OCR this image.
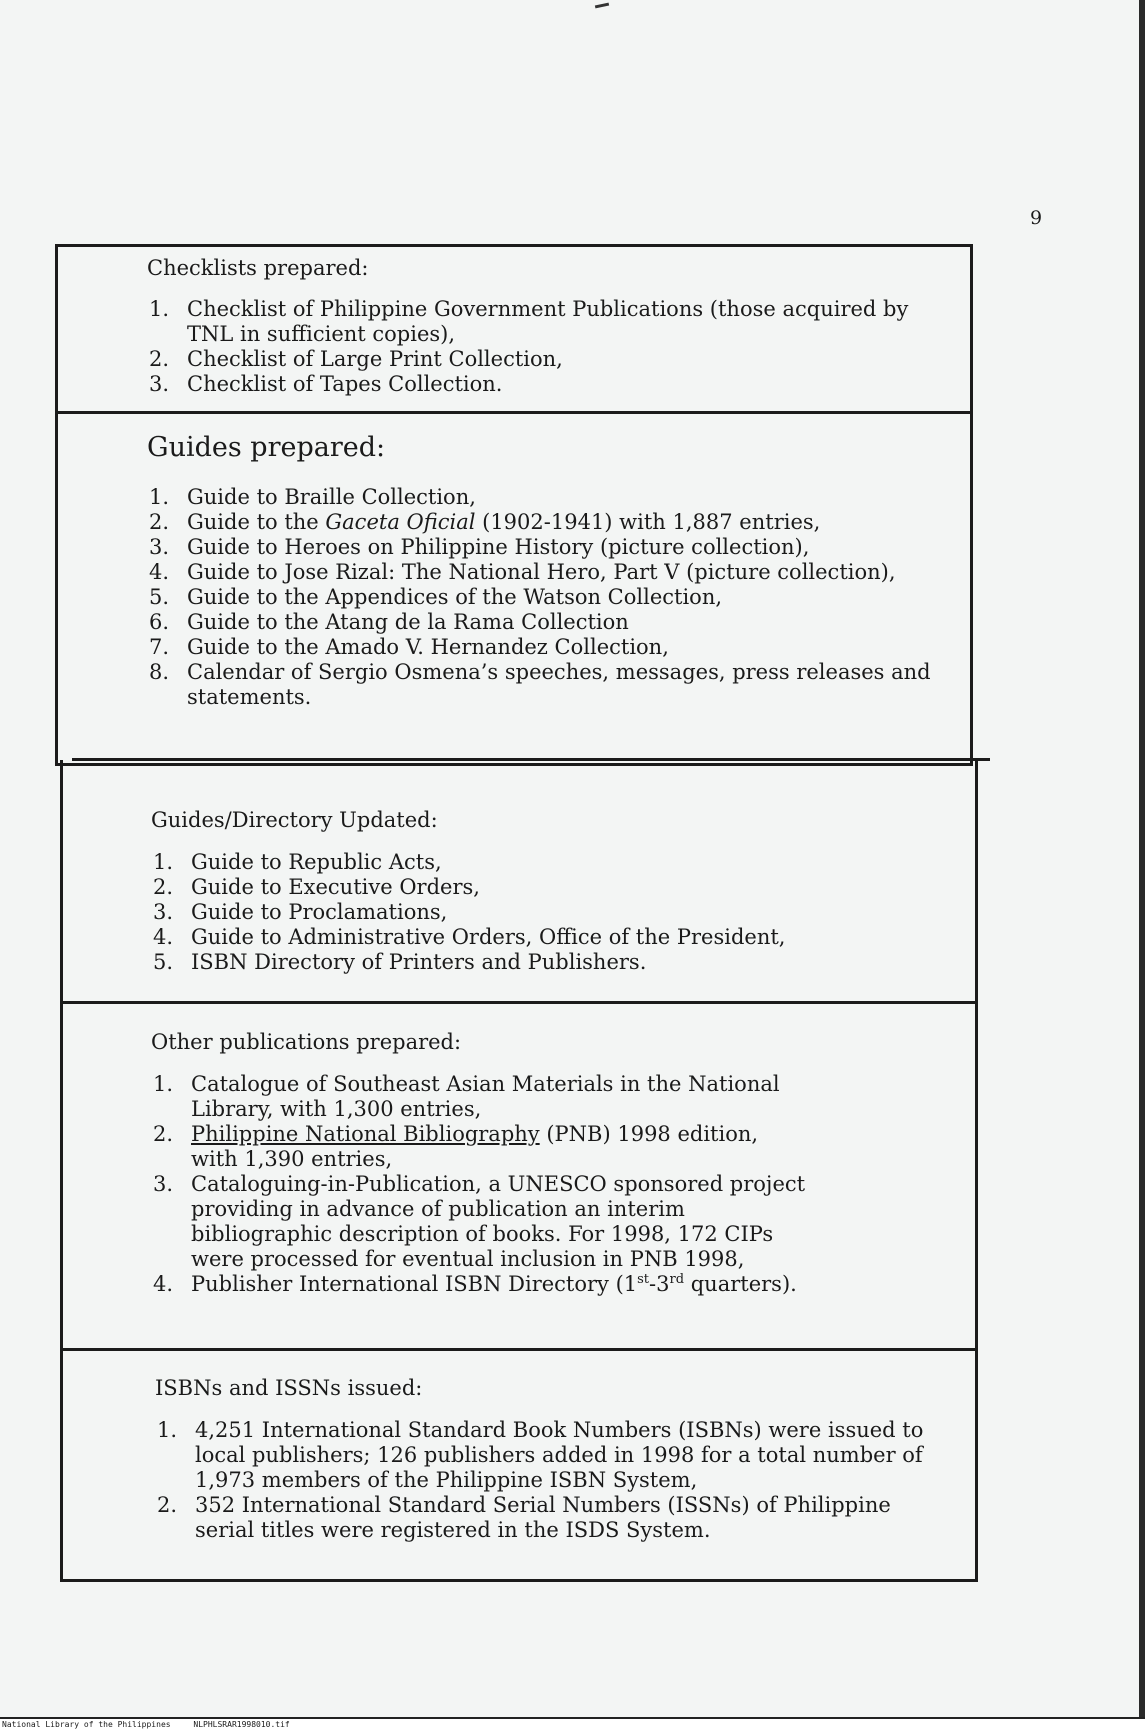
9

Checklists prepared:

1. Checklist of Philippine Government Publications (those acquired by TNL in sufficient copies),
2. Checklist of Large Print Collection,
3. Checklist of Tapes Collection.

Guides prepared:

1. Guide to Braille Collection,
2. Guide to the Gaceta Oficial (1902-1941) with 1,887 entries,
3. Guide to Heroes on Philippine History (picture collection),
4. Guide to Jose Rizal: The National Hero, Part V (picture collection),
5. Guide to the Appendices of the Watson Collection,
6. Guide to the Atang de la Rama Collection
7. Guide to the Amado V. Hernandez Collection,
8. Calendar of Sergio Osmena’s speeches, messages, press releases and statements.

Guides/Directory Updated:

1. Guide to Republic Acts,
2. Guide to Executive Orders,
3. Guide to Proclamations,
4. Guide to Administrative Orders, Office of the President,
5. ISBN Directory of Printers and Publishers.

Other publications prepared:

1. Catalogue of Southeast Asian Materials in the National Library, with 1,300 entries,
2. Philippine National Bibliography (PNB) 1998 edition, with 1,390 entries,
3. Cataloguing-in-Publication, a UNESCO sponsored project providing in advance of publication an interim bibliographic description of books. For 1998, 172 CIPs were processed for eventual inclusion in PNB 1998,
4. Publisher International ISBN Directory (1st-3rd quarters).

ISBNs and ISSNs issued:

1. 4,251 International Standard Book Numbers (ISBNs) were issued to local publishers; 126 publishers added in 1998 for a total number of 1,973 members of the Philippine ISBN System,
2. 352 International Standard Serial Numbers (ISSNs) of Philippine serial titles were registered in the ISDS System.
National Library of the Philippines	NLPHLSRAR1998010.tif
